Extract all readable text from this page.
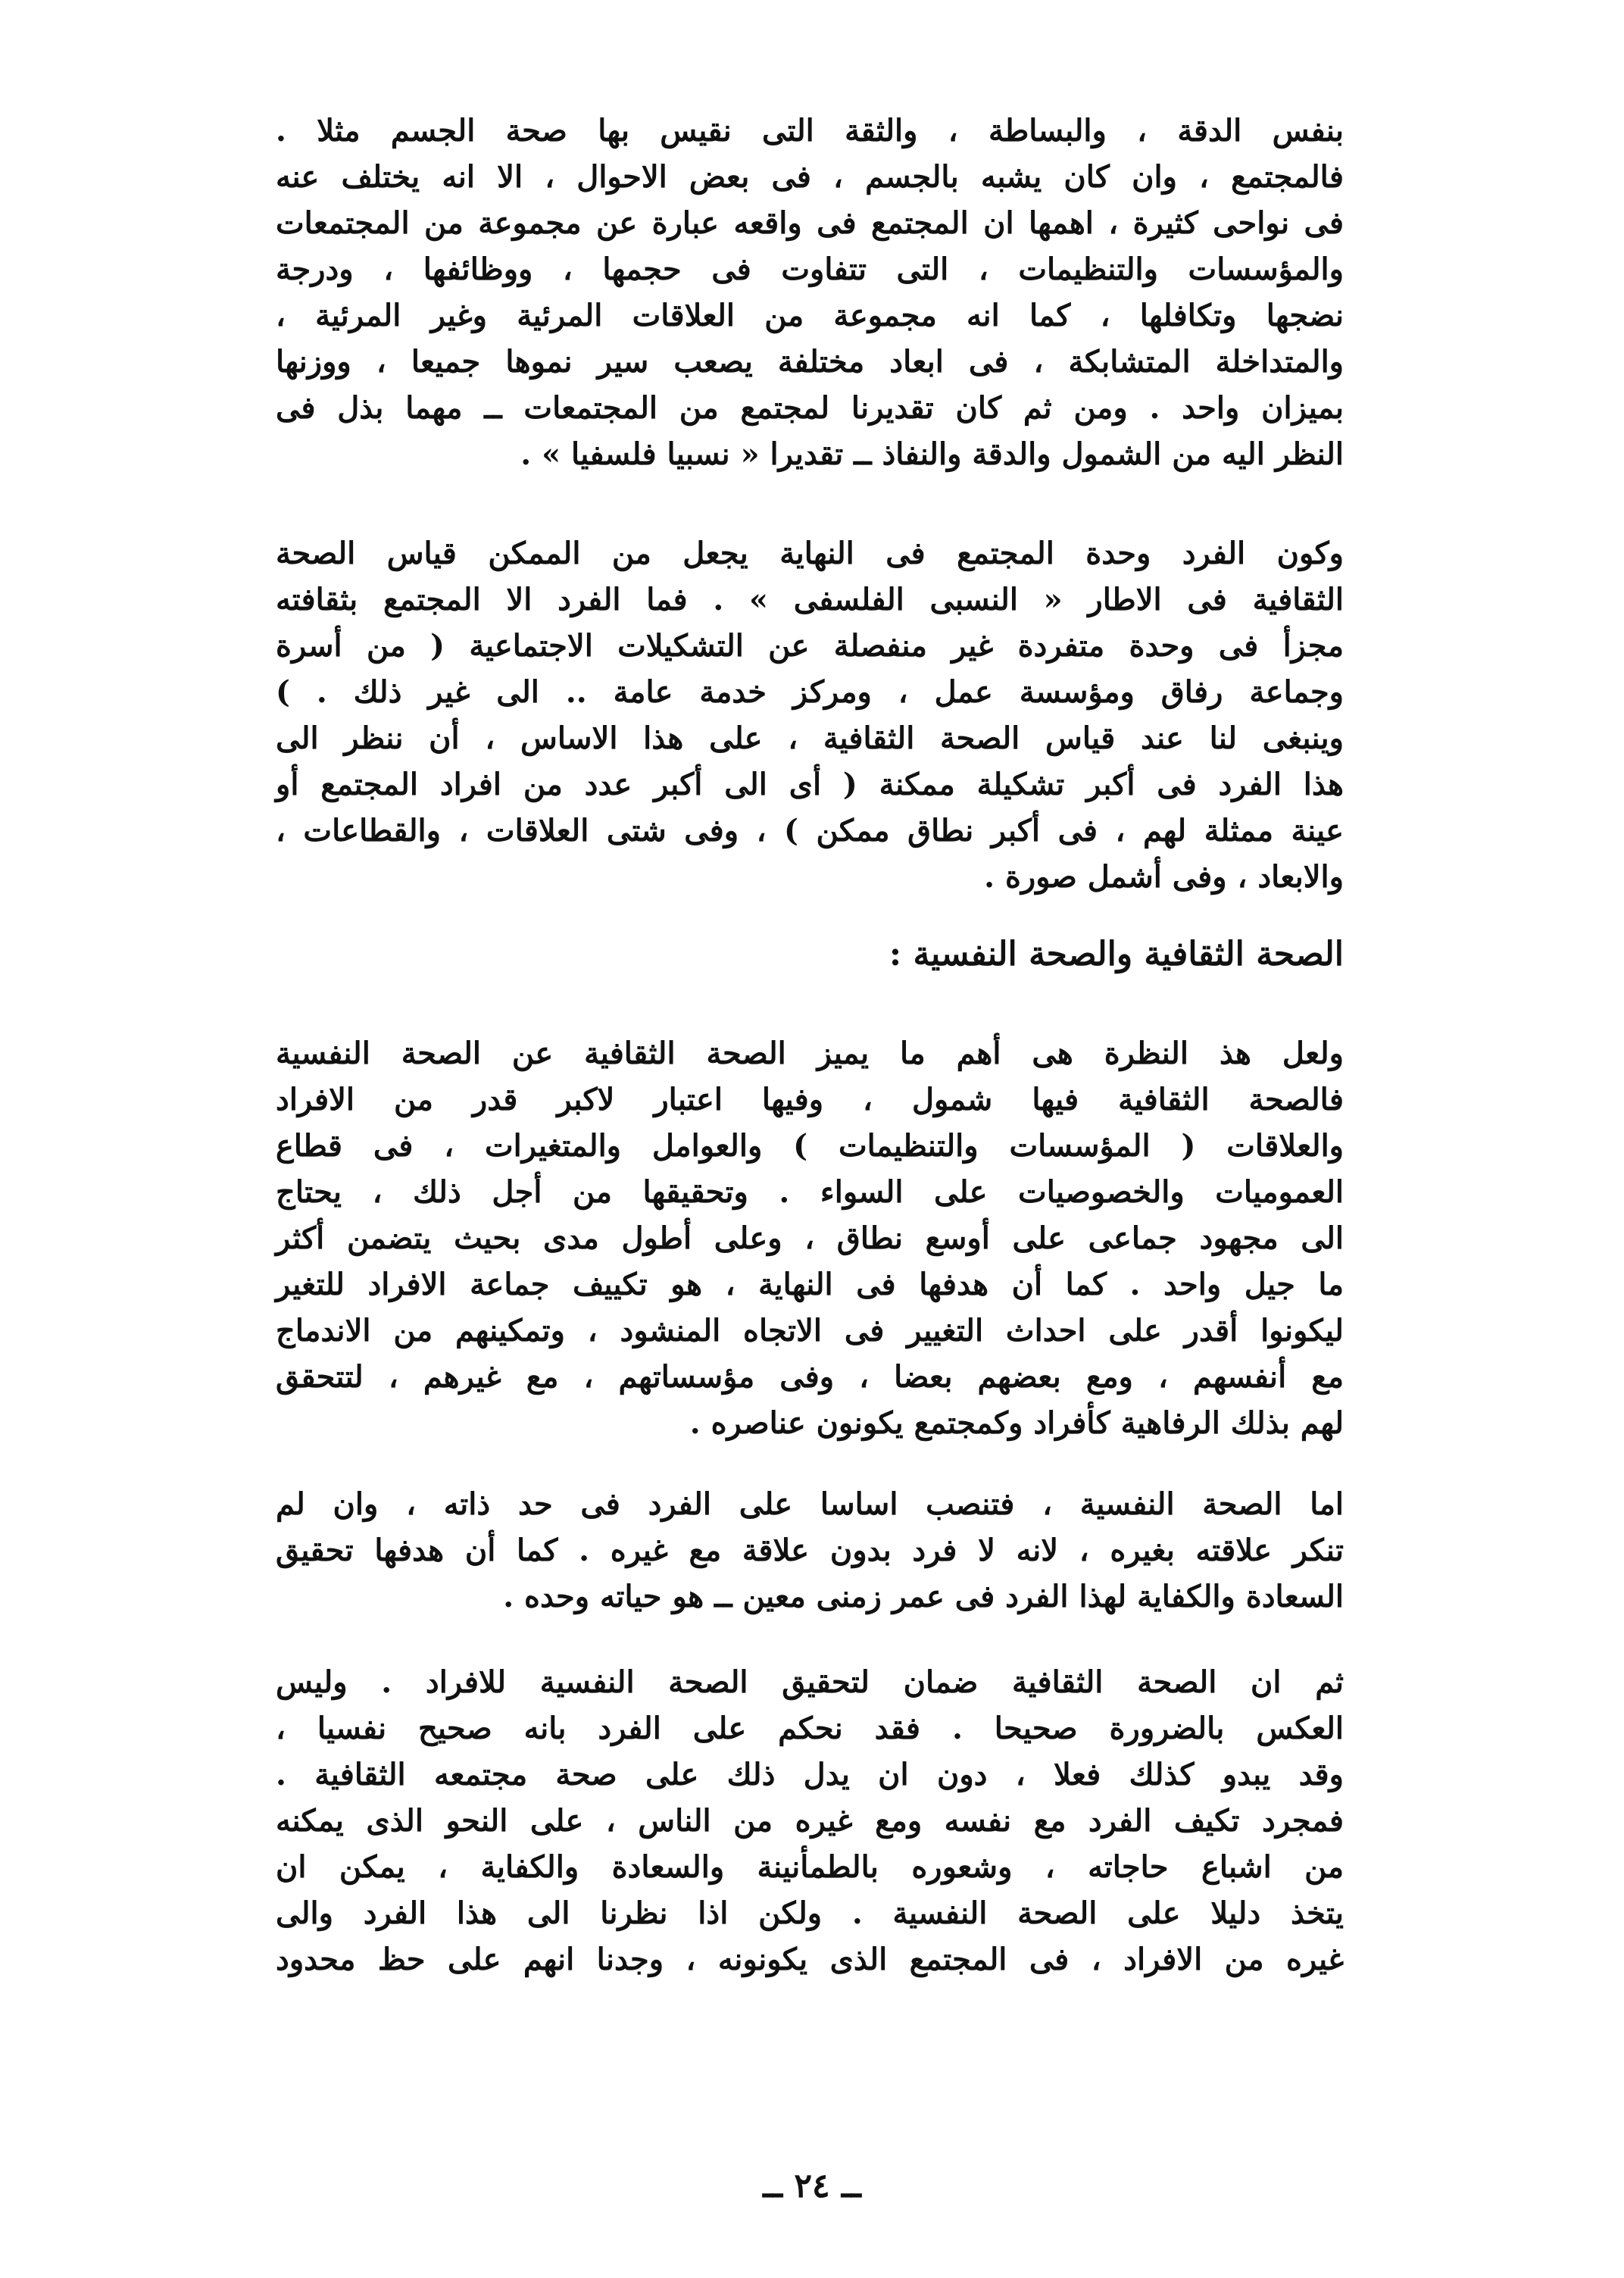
بنفس الدقة ، والبساطة ، والثقة التى نقيس بها صحة الجسم مثلا .
فالمجتمع ، وان كان يشبه بالجسم ، فى بعض الاحوال ، الا انه يختلف عنه
فى نواحى كثيرة ، اهمها ان المجتمع فى واقعه عبارة عن مجموعة من المجتمعات
والمؤسسات والتنظيمات ، التى تتفاوت فى حجمها ، ووظائفها ، ودرجة
نضجها وتكافلها ، كما انه مجموعة من العلاقات المرئية وغير المرئية ،
والمتداخلة المتشابكة ، فى ابعاد مختلفة يصعب سير نموها جميعا ، ووزنها
بميزان واحد . ومن ثم كان تقديرنا لمجتمع من المجتمعات ــ مهما بذل فى
النظر اليه من الشمول والدقة والنفاذ ــ تقديرا « نسبيا فلسفيا » .
وكون الفرد وحدة المجتمع فى النهاية يجعل من الممكن قياس الصحة
الثقافية فى الاطار « النسبى الفلسفى » . فما الفرد الا المجتمع بثقافته
مجزأ فى وحدة متفردة غير منفصلة عن التشكيلات الاجتماعية ( من أسرة
وجماعة رفاق ومؤسسة عمل ، ومركز خدمة عامة .. الى غير ذلك . )
وينبغى لنا عند قياس الصحة الثقافية ، على هذا الاساس ، أن ننظر الى
هذا الفرد فى أكبر تشكيلة ممكنة ( أى الى أكبر عدد من افراد المجتمع أو
عينة ممثلة لهم ، فى أكبر نطاق ممكن ) ، وفى شتى العلاقات ، والقطاعات ،
والابعاد ، وفى أشمل صورة .
الصحة الثقافية والصحة النفسية :
ولعل هذ النظرة هى أهم ما يميز الصحة الثقافية عن الصحة النفسية
فالصحة الثقافية فيها شمول ، وفيها اعتبار لاكبر قدر من الافراد
والعلاقات ( المؤسسات والتنظيمات ) والعوامل والمتغيرات ، فى قطاع
العموميات والخصوصيات على السواء . وتحقيقها من أجل ذلك ، يحتاج
الى مجهود جماعى على أوسع نطاق ، وعلى أطول مدى بحيث يتضمن أكثر
ما جيل واحد . كما أن هدفها فى النهاية ، هو تكييف جماعة الافراد للتغير
ليكونوا أقدر على احداث التغيير فى الاتجاه المنشود ، وتمكينهم من الاندماج
مع أنفسهم ، ومع بعضهم بعضا ، وفى مؤسساتهم ، مع غيرهم ، لتتحقق
لهم بذلك الرفاهية كأفراد وكمجتمع يكونون عناصره .
اما الصحة النفسية ، فتنصب اساسا على الفرد فى حد ذاته ، وان لم
تنكر علاقته بغيره ، لانه لا فرد بدون علاقة مع غيره . كما أن هدفها تحقيق
السعادة والكفاية لهذا الفرد فى عمر زمنى معين ــ هو حياته وحده .
ثم ان الصحة الثقافية ضمان لتحقيق الصحة النفسية للافراد . وليس
العكس بالضرورة صحيحا . فقد نحكم على الفرد بانه صحيح نفسيا ،
وقد يبدو كذلك فعلا ، دون ان يدل ذلك على صحة مجتمعه الثقافية .
فمجرد تكيف الفرد مع نفسه ومع غيره من الناس ، على النحو الذى يمكنه
من اشباع حاجاته ، وشعوره بالطمأنينة والسعادة والكفاية ، يمكن ان
يتخذ دليلا على الصحة النفسية . ولكن اذا نظرنا الى هذا الفرد والى
غيره من الافراد ، فى المجتمع الذى يكونونه ، وجدنا انهم على حظ محدود
ــ ٢٤ ــ
